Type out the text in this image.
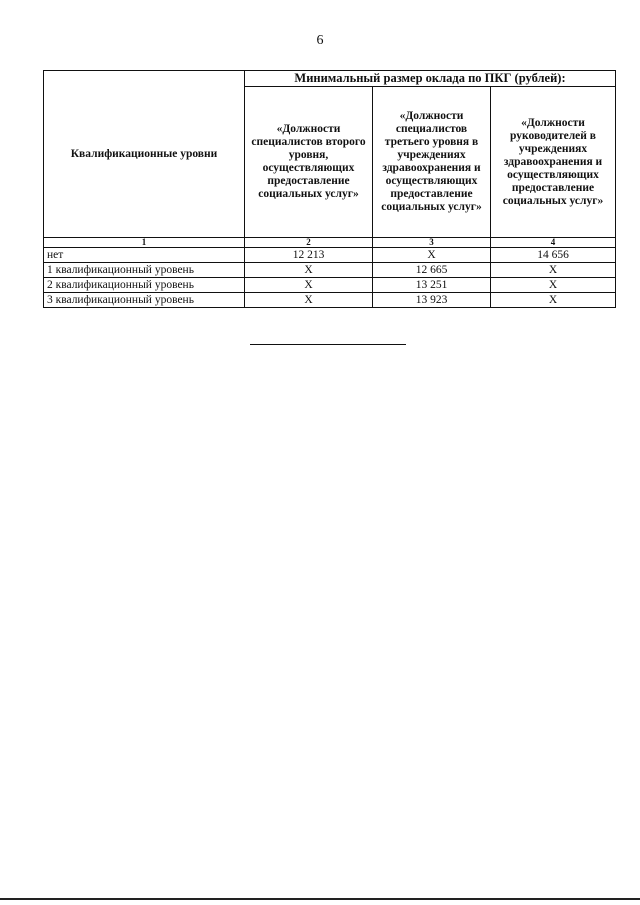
6
Квалификационные уровни	Минимальный размер оклада по ПКГ (рублей):		
	«Должности специалистов второго уровня, осуществляющих предоставление социальных услуг»	«Должности специалистов третьего уровня в учреждениях здравоохранения и осуществляющих предоставление социальных услуг»	«Должности руководителей в учреждениях здравоохранения и осуществляющих предоставление социальных услуг»
1	2	3	4
нет	12 213	X	14 656
1 квалификационный уровень	X	12 665	X
2 квалификационный уровень	X	13 251	X
3 квалификационный уровень	X	13 923	X
